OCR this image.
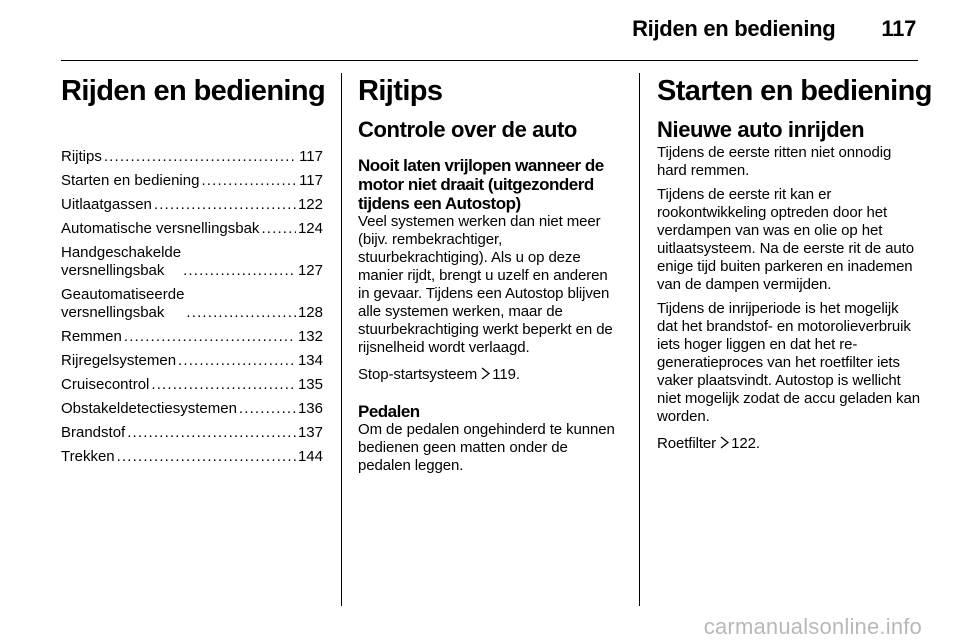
Rijden en bediening 117
Rijden en bediening
Rijtips . . .	117
Starten en bediening . . .	117
Uitlaatgassen . . .	122
Automatische versnellingsbak . . .	124
Handgeschakelde
versnellingsbak . . .	127
Geautomatiseerde
versnellingsbak . . .	128
Remmen . . .	132
Rijregelsystemen . . .	134
Cruisecontrol . . .	135
Obstakeldetectiesystemen . . .	136
Brandstof . . .	137
Trekken . . .	144
Rijtips
Controle over de auto
Nooit laten vrijlopen wanneer de motor niet draait (uitgezonderd tijdens een Autostop)

Veel systemen werken dan niet meer (bijv. rembekrachtiger, stuurbekrachtiging). Als u op deze manier rijdt, brengt u uzelf en anderen in gevaar. Tijdens een Autostop blijven alle systemen werken, maar de stuurbekrachtiging werkt beperkt en de rijsnelheid wordt verlaagd.

Stop-startsysteem 119.

Pedalen

Om de pedalen ongehinderd te kunnen bedienen geen matten onder de pedalen leggen.

Starten en bediening
Nieuwe auto inrijden

Tijdens de eerste ritten niet onnodig hard remmen.

Tijdens de eerste rit kan er rookontwikkeling optreden door het verdampen van was en olie op het uitlaatsysteem. Na de eerste rit de auto enige tijd buiten parkeren en inademen van de dampen vermijden.

Tijdens de inrijperiode is het mogelijk dat het brandstof- en motorolieverbruik iets hoger liggen en dat het regeneratieproces van het roetfilter iets vaker plaatsvindt. Autostop is wellicht niet mogelijk zodat de accu geladen kan worden.

Roetfilter 122.

carmanualsonline.info
